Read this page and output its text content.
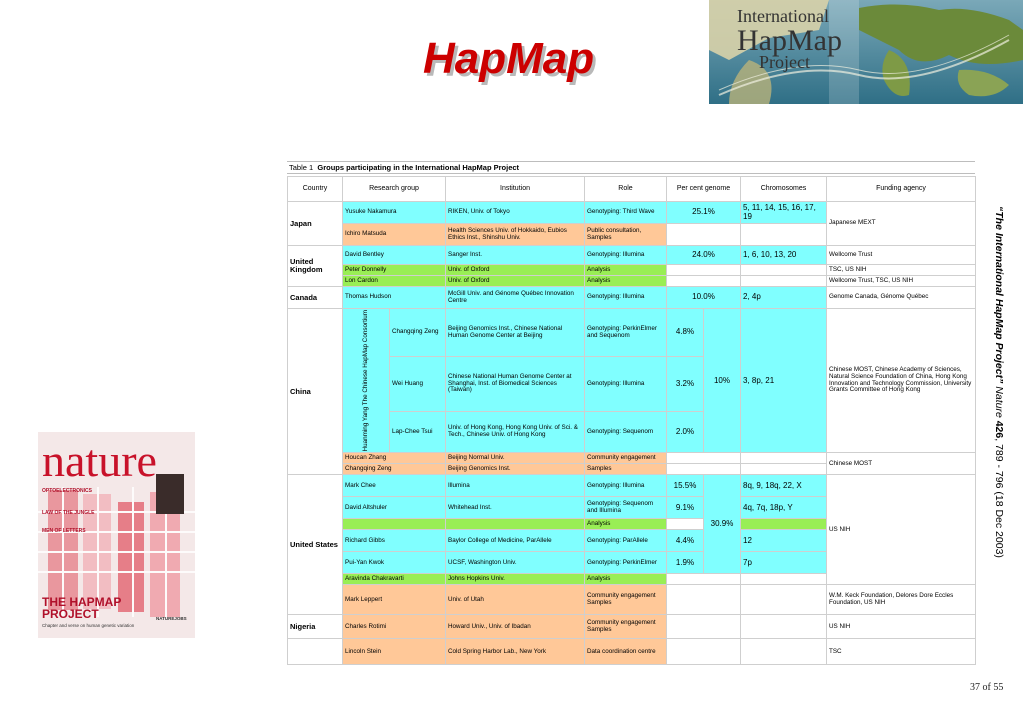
HapMap
International
HapMap
Project
nature
OPTOELECTRONICS
LAW OF THE JUNGLE
MEN OF LETTERS
THE HAPMAP
PROJECT
Chapter and verse on human genetic variation
NATUREJOBS
“The International HapMap Project” Nature 426, 789 - 796 (18 Dec 2003)
Table 1 Groups participating in the International HapMap Project
Country	Research group		Institution	Role	Per cent genome		Chromosomes	Funding agency
Japan	Yusuke Nakamura		RIKEN, Univ. of Tokyo	Genotyping: Third Wave	25.1%		5, 11, 14, 15, 16, 17, 19	Japanese MEXT
	Ichiro Matsuda		Health Sciences Univ. of Hokkaido, Eubios Ethics Inst., Shinshu Univ.	Public consultation, Samples				
United Kingdom	David Bentley		Sanger Inst.	Genotyping: Illumina	24.0%		1, 6, 10, 13, 20	Wellcome Trust
	Peter Donnelly		Univ. of Oxford	Analysis				TSC, US NIH
	Lon Cardon		Univ. of Oxford	Analysis				Wellcome Trust, TSC, US NIH
Canada	Thomas Hudson		McGill Univ. and Génome Québec Innovation Centre	Genotyping: Illumina	10.0%		2, 4p	Genome Canada, Génome Québec
China	Huanming Yang The Chinese HapMap Consortium	Changqing Zeng	Beijing Genomics Inst., Chinese National Human Genome Center at Beijing	Genotyping: PerkinElmer and Sequenom	4.8%	10%	3, 8p, 21	Chinese MOST, Chinese Academy of Sciences, Natural Science Foundation of China, Hong Kong Innovation and Technology Commission, University Grants Committee of Hong Kong
		Wei Huang	Chinese National Human Genome Center at Shanghai, Inst. of Biomedical Sciences (Taiwan)	Genotyping: Illumina	3.2%			
		Lap-Chee Tsui	Univ. of Hong Kong, Hong Kong Univ. of Sci. & Tech., Chinese Univ. of Hong Kong	Genotyping: Sequenom	2.0%			
	Houcan Zhang		Beijing Normal Univ.	Community engagement				Chinese MOST
	Changqing Zeng		Beijing Genomics Inst.	Samples				
United States	Mark Chee		Illumina	Genotyping: Illumina	15.5%	30.9%	8q, 9, 18q, 22, X	US NIH
	David Altshuler		Whitehead Inst.	Genotyping: Sequenom and Illumina	9.1%		4q, 7q, 18p, Y	
				Analysis				
	Richard Gibbs		Baylor College of Medicine, ParAllele	Genotyping: ParAllele	4.4%		12	
	Pui-Yan Kwok		UCSF, Washington Univ.	Genotyping: PerkinElmer	1.9%		7p	
	Aravinda Chakravarti		Johns Hopkins Univ.	Analysis				
	Mark Leppert		Univ. of Utah	Community engagement Samples				W.M. Keck Foundation, Delores Dore Eccles Foundation, US NIH
Nigeria	Charles Rotimi		Howard Univ., Univ. of Ibadan	Community engagement Samples				US NIH
	Lincoln Stein		Cold Spring Harbor Lab., New York	Data coordination centre				TSC
37 of 55
